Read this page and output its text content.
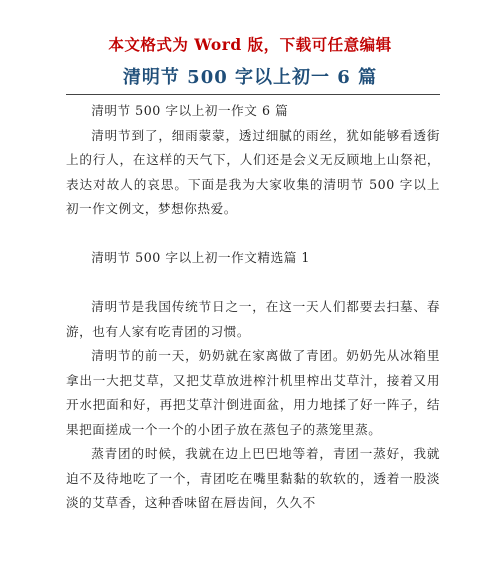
本文格式为 Word 版，下载可任意编辑
清明节 500 字以上初一 6 篇

清明节 500 字以上初一作文 6 篇

清明节到了，细雨蒙蒙，透过细腻的雨丝，犹如能够看透街上的行人，在这样的天气下，人们还是会义无反顾地上山祭祀，表达对故人的哀思。下面是我为大家收集的清明节 500 字以上初一作文例文，梦想你热爱。

清明节 500 字以上初一作文精选篇 1

清明节是我国传统节日之一，在这一天人们都要去扫墓、春游，也有人家有吃青团的习惯。

清明节的前一天，奶奶就在家离做了青团。奶奶先从冰箱里拿出一大把艾草，又把艾草放进榨汁机里榨出艾草汁，接着又用开水把面和好，再把艾草汁倒进面盆，用力地揉了好一阵子，结果把面搓成一个一个的小团子放在蒸包子的蒸笼里蒸。

蒸青团的时候，我就在边上巴巴地等着，青团一蒸好，我就迫不及待地吃了一个，青团吃在嘴里黏黏的软软的，透着一股淡淡的艾草香，这种香味留在唇齿间，久久不
